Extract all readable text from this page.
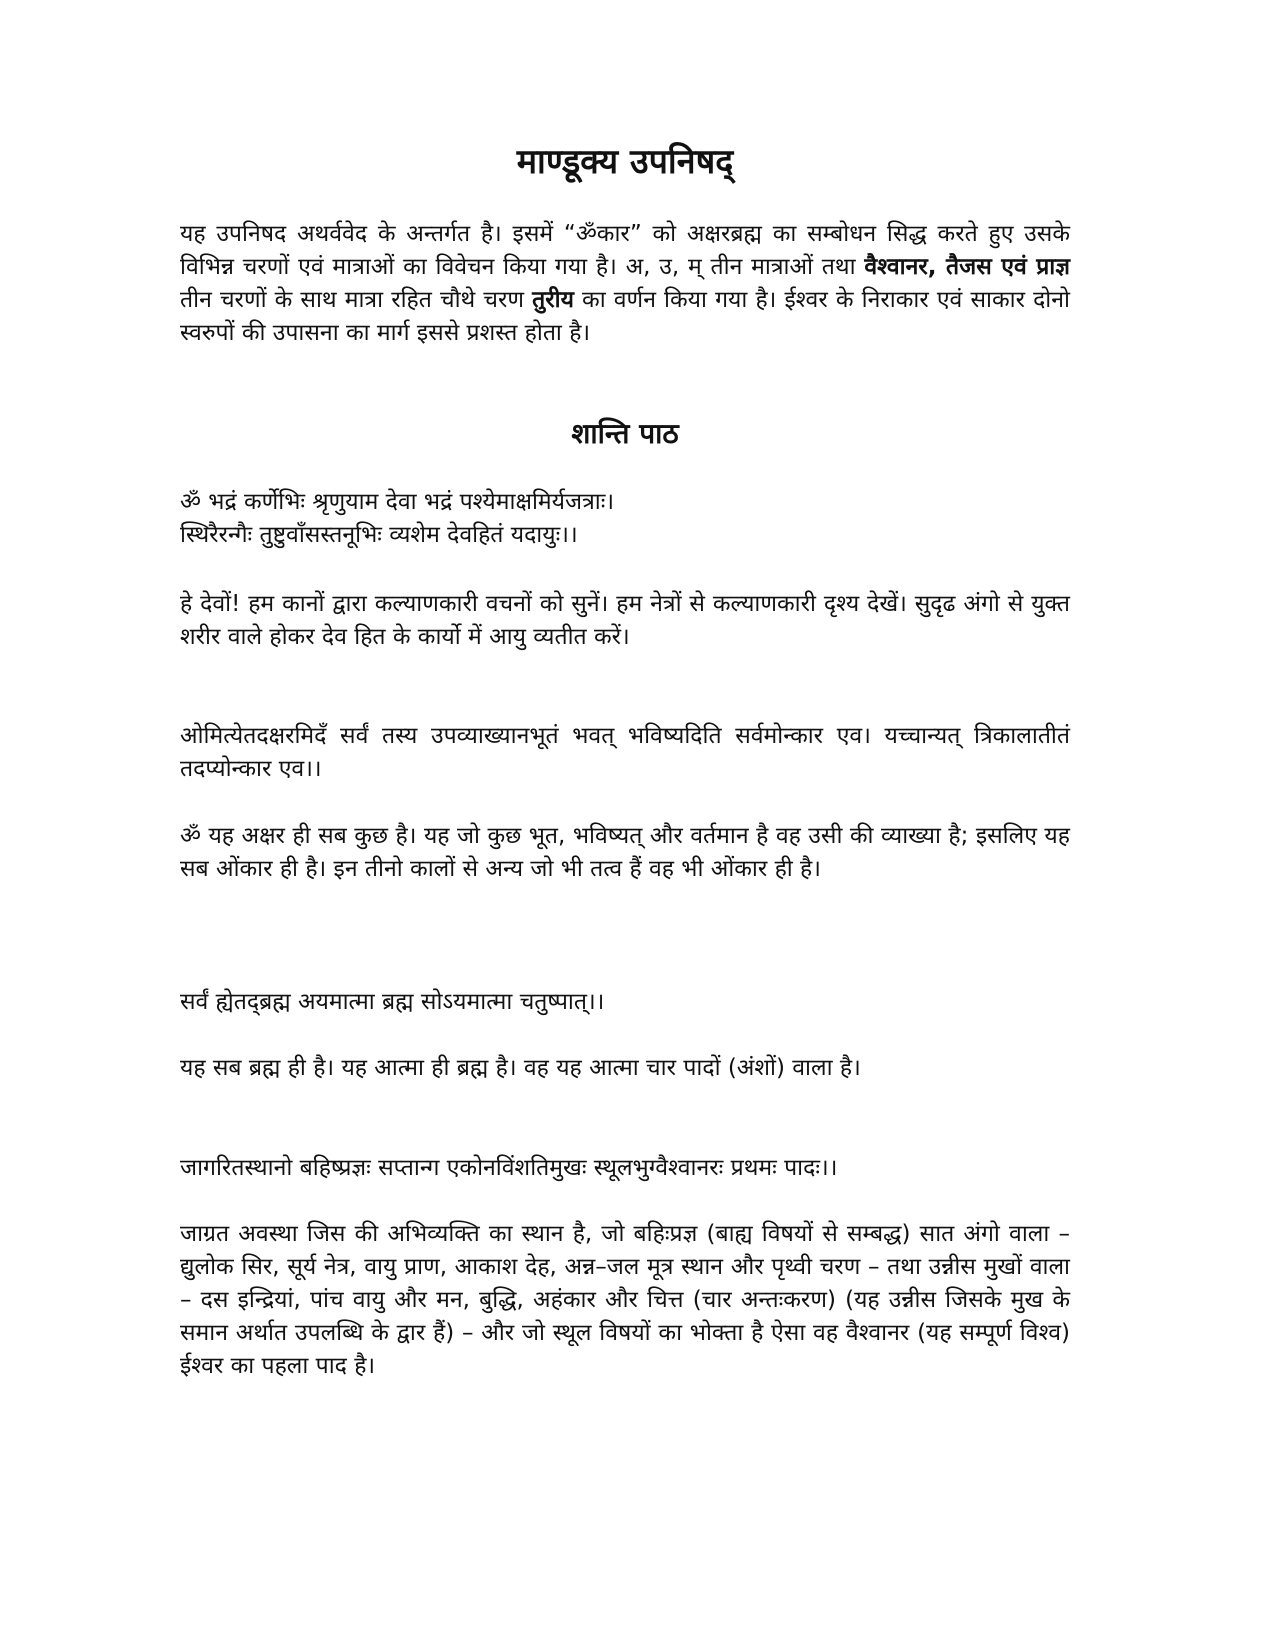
माण्डूक्य उपनिषद्

यह उपनिषद अथर्ववेद के अन्तर्गत है। इसमें “ॐकार” को अक्षरब्रह्म का सम्बोधन सिद्ध करते हुए उसके विभिन्न चरणों एवं मात्राओं का विवेचन किया गया है। अ, उ, म् तीन मात्राओं तथा वैश्वानर, तैजस एवं प्राज्ञ तीन चरणों के साथ मात्रा रहित चौथे चरण तुरीय का वर्णन किया गया है। ईश्वर के निराकार एवं साकार दोनो स्वरुपों की उपासना का मार्ग इससे प्रशस्त होता है।

शान्ति पाठ

ॐ भद्रं कर्णेभिः श्रृणुयाम देवा भद्रं पश्येमाक्षमिर्यजत्राः।
स्थिरैरन्गैः तुष्टुवाँसस्तनूभिः व्यशेम देवहितं यदायुः।।

हे देवों! हम कानों द्वारा कल्याणकारी वचनों को सुनें। हम नेत्रों से कल्याणकारी दृश्य देखें। सुदृढ अंगो से युक्त शरीर वाले होकर देव हित के कार्यो में आयु व्यतीत करें।

ओमित्येतदक्षरमिदँ सर्वं तस्य उपव्याख्यानभूतं भवत् भविष्यदिति सर्वमोन्कार एव। यच्चान्यत् त्रिकालातीतं तदप्योन्कार एव।।

ॐ यह अक्षर ही सब कुछ है। यह जो कुछ भूत, भविष्यत् और वर्तमान है वह उसी की व्याख्या है; इसलिए यह सब ओंकार ही है। इन तीनो कालों से अन्य जो भी तत्व हैं वह भी ओंकार ही है।

सर्वं ह्येतद्ब्रह्म अयमात्मा ब्रह्म सोऽयमात्मा चतुष्पात्।।

यह सब ब्रह्म ही है। यह आत्मा ही ब्रह्म है। वह यह आत्मा चार पादों (अंशों) वाला है।

जागरितस्थानो बहिष्प्रज्ञः सप्तान्ग एकोनविंशतिमुखः स्थूलभुग्वैश्वानरः प्रथमः पादः।।

जाग्रत अवस्था जिस की अभिव्यक्ति का स्थान है, जो बहिःप्रज्ञ (बाह्य विषयों से सम्बद्ध) सात अंगो वाला – द्युलोक सिर, सूर्य नेत्र, वायु प्राण, आकाश देह, अन्न–जल मूत्र स्थान और पृथ्वी चरण – तथा उन्नीस मुखों वाला – दस इन्द्रियां, पांच वायु और मन, बुद्धि, अहंकार और चित्त (चार अन्तःकरण) (यह उन्नीस जिसके मुख के समान अर्थात उपलब्धि के द्वार हैं) – और जो स्थूल विषयों का भोक्ता है ऐसा वह वैश्वानर (यह सम्पूर्ण विश्व) ईश्वर का पहला पाद है।
